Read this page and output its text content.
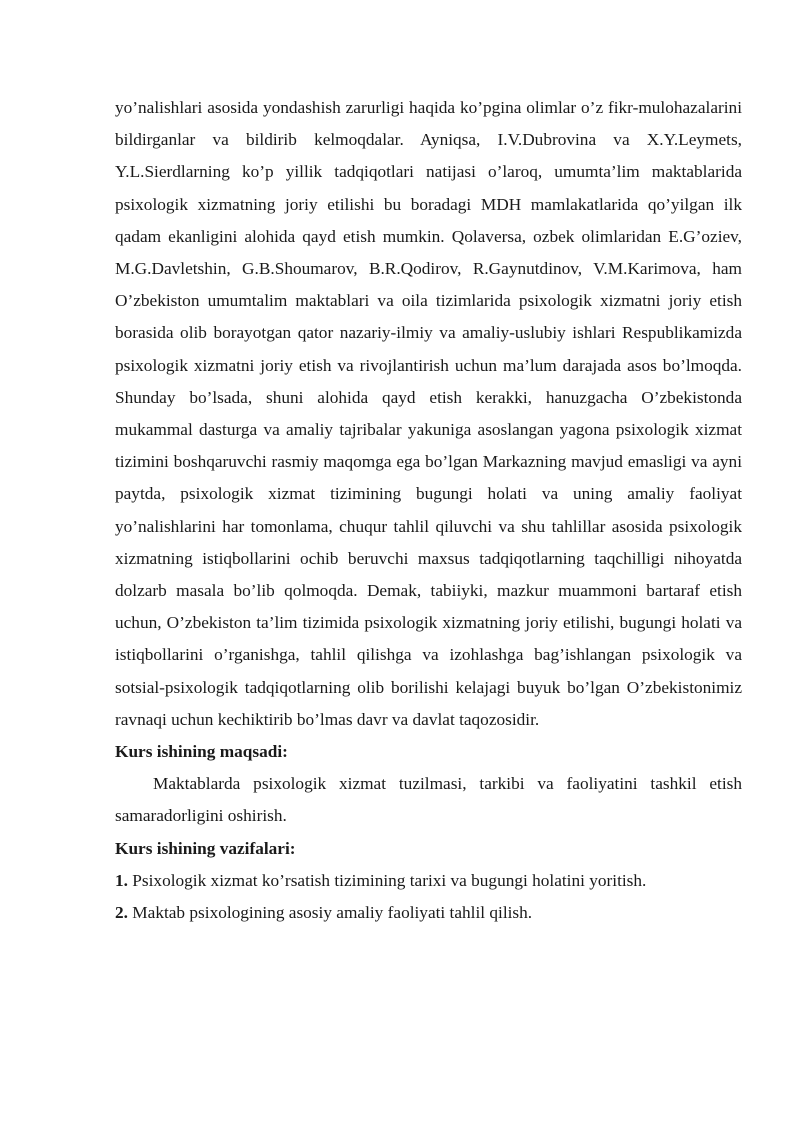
yo’nalishlari asosida yondashish zarurligi haqida ko’pgina olimlar o’z fikr-mulohazalarini bildirganlar va bildirib kelmoqdalar. Ayniqsa, I.V.Dubrovina va X.Y.Leymets, Y.L.Sierdlarning ko’p yillik tadqiqotlari natijasi o’laroq, umumta’lim maktablarida psixologik xizmatning joriy etilishi bu boradagi MDH mamlakatlarida qo’yilgan ilk qadam ekanligini alohida qayd etish mumkin. Qolaversa, ozbek olimlaridan E.G’oziev, M.G.Davletshin, G.B.Shoumarov, B.R.Qodirov, R.Gaynutdinov, V.M.Karimova, ham O’zbekiston umumtalim maktablari va oila tizimlarida psixologik xizmatni joriy etish borasida olib borayotgan qator nazariy-ilmiy va amaliy-uslubiy ishlari Respublikamizda psixologik xizmatni joriy etish va rivojlantirish uchun ma’lum darajada asos bo’lmoqda. Shunday bo’lsada, shuni alohida qayd etish kerakki, hanuzgacha O’zbekistonda mukammal dasturga va amaliy tajribalar yakuniga asoslangan yagona psixologik xizmat tizimini boshqaruvchi rasmiy maqomga ega bo’lgan Markazning mavjud emasligi va ayni paytda, psixologik xizmat tizimining bugungi holati va uning amaliy faoliyat yo’nalishlarini har tomonlama, chuqur tahlil qiluvchi va shu tahlillar asosida psixologik xizmatning istiqbollarini ochib beruvchi maxsus tadqiqotlarning taqchilligi nihoyatda dolzarb masala bo’lib qolmoqda. Demak, tabiiyki, mazkur muammoni bartaraf etish uchun, O’zbekiston ta’lim tizimida psixologik xizmatning joriy etilishi, bugungi holati va istiqbollarini o’rganishga, tahlil qilishga va izohlashga bag’ishlangan psixologik va sotsial-psixologik tadqiqotlarning olib borilishi kelajagi buyuk bo’lgan O’zbekistonimiz ravnaqi uchun kechiktirib bo’lmas davr va davlat taqozosidir.

Kurs ishining maqsadi:

Maktablarda psixologik xizmat tuzilmasi, tarkibi va faoliyatini tashkil etish samaradorligini oshirish.

Kurs ishining vazifalari:

1. Psixologik xizmat ko’rsatish tizimining tarixi va bugungi holatini yoritish.

2. Maktab psixologining asosiy amaliy faoliyati tahlil qilish.
